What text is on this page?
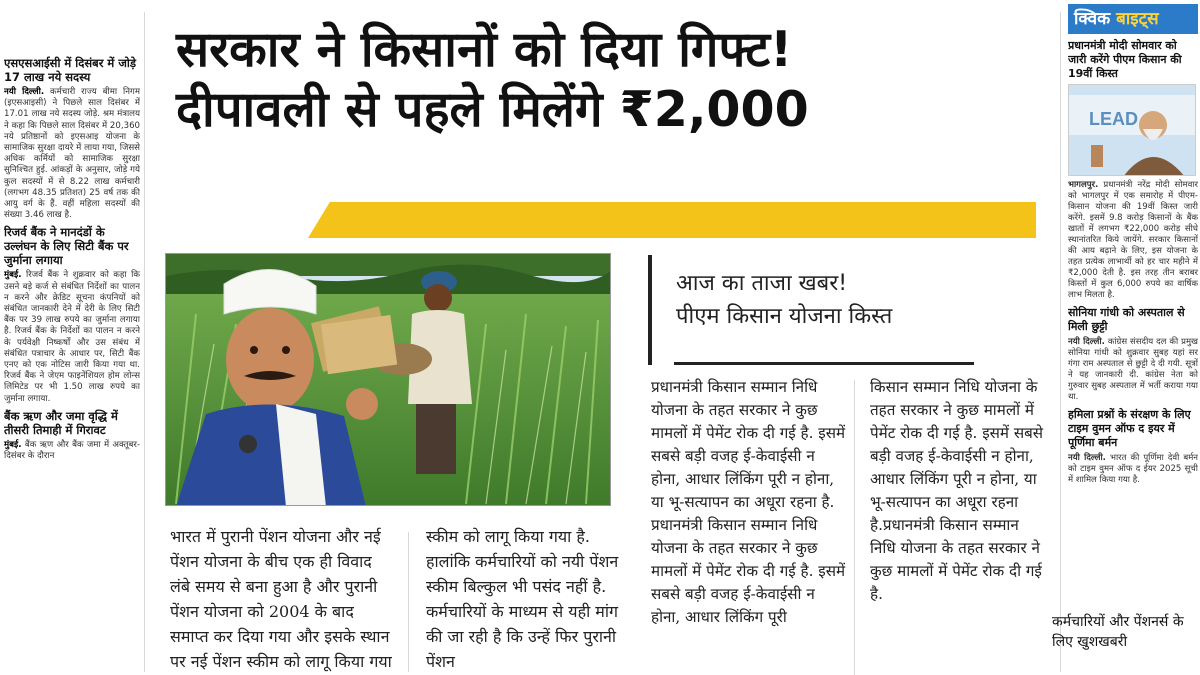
एसएसआईसी में दिसंबर में जोड़े 17 लाख नये सदस्य
नयी दिल्ली. कर्मचारी राज्य बीमा निगम (इएसआइसी) ने पिछले साल दिसंबर में 17.01 लाख नये सदस्य जोड़े. श्रम मंत्रालय ने कहा कि पिछले साल दिसंबर में 20,360 नये प्रतिष्ठानों को इएसआइ योजना के सामाजिक सुरक्षा दायरे में लाया गया, जिससे अधिक कर्मियों को सामाजिक सुरक्षा सुनिश्चित हुई. आंकड़ों के अनुसार, जोड़े गये कुल सदस्यों में से 8.22 लाख कर्मचारी (लगभग 48.35 प्रतिशत) 25 वर्ष तक की आयु वर्ग के हैं. वहीं महिला सदस्यों की संख्या 3.46 लाख है.
रिजर्व बैंक ने मानदंडों के उल्लंघन के लिए सिटी बैंक पर जुर्माना लगाया
मुंबई. रिजर्व बैंक ने शुक्रवार को कहा कि उसने बड़े कर्ज से संबंधित निर्देशों का पालन न करने और क्रेडिट सूचना कंपनियों को संबंधित जानकारी देने में देरी के लिए सिटी बैंक पर 39 लाख रुपये का जुर्माना लगाया है. रिजर्व बैंक के निर्देशों का पालन न करने के पर्यवेक्षी निष्कर्षों और उस संबंध में संबंधित पत्राचार के आधार पर, सिटी बैंक एनए को एक नोटिस जारी किया गया था. रिजर्व बैंक ने जेएम फाइनेंशियल होम लोन्स लिमिटेड पर भी 1.50 लाख रुपये का जुर्माना लगाया.
बैंक ऋण और जमा वृद्धि में तीसरी तिमाही में गिरावट
मुंबई. बैंक ऋण और बैंक जमा में अक्तूबर-दिसंबर के दौरान
सरकार ने किसानों को दिया गिफ्ट!
दीपावली से पहले मिलेंगे ₹2,000
भारत में पुरानी पेंशन योजना और नई पेंशन योजना के बीच एक ही विवाद लंबे समय से बना हुआ है और पुरानी पेंशन योजना को 2004 के बाद समाप्त कर दिया गया और इसके स्थान पर नई पेंशन स्कीम को लागू किया गया
स्कीम को लागू किया गया है. हालांकि कर्मचारियों को नयी पेंशन स्कीम बिल्कुल भी पसंद नहीं है. कर्मचारियों के माध्यम से यही मांग की जा रही है कि उन्हें फिर पुरानी पेंशन
आज का ताजा खबर!
पीएम किसान योजना किस्त
प्रधानमंत्री किसान सम्मान निधि योजना के तहत सरकार ने कुछ मामलों में पेमेंट रोक दी गई है. इसमें सबसे बड़ी वजह ई-केवाईसी न होना, आधार लिंकिंग पूरी न होना, या भू-सत्यापन का अधूरा रहना है. प्रधानमंत्री किसान सम्मान निधि योजना के तहत सरकार ने कुछ मामलों में पेमेंट रोक दी गई है. इसमें सबसे बड़ी वजह ई-केवाईसी न होना, आधार लिंकिंग पूरी
किसान सम्मान निधि योजना के तहत सरकार ने कुछ मामलों में पेमेंट रोक दी गई है. इसमें सबसे बड़ी वजह ई-केवाईसी न होना, आधार लिंकिंग पूरी न होना, या भू-सत्यापन का अधूरा रहना है.प्रधानमंत्री किसान सम्मान निधि योजना के तहत सरकार ने कुछ मामलों में पेमेंट रोक दी गई है.
क्विक बाइट्स
प्रधानमंत्री मोदी सोमवार को जारी करेंगे पीएम किसान की 19वीं किस्त
LEAD
भागलपुर. प्रधानमंत्री नरेंद्र मोदी सोमवार को भागलपुर में एक समारोह में पीएम-किसान योजना की 19वीं किस्त जारी करेंगे. इसमें 9.8 करोड़ किसानों के बैंक खातों में लगभग ₹22,000 करोड़ सीधे स्थानांतरित किये जायेंगे. सरकार किसानों की आय बढ़ाने के लिए, इस योजना के तहत प्रत्येक लाभार्थी को हर चार महीने में ₹2,000 देती है. इस तरह तीन बराबर किस्तों में कुल 6,000 रुपये का वार्षिक लाभ मिलता है.
सोनिया गांधी को अस्पताल से मिली छुट्टी
नयी दिल्ली. कांग्रेस संसदीय दल की प्रमुख सोनिया गांधी को शुक्रवार सुबह यहां सर गंगा राम अस्पताल से छुट्टी दे दी गयी. सूत्रों ने यह जानकारी दी. कांग्रेस नेता को गुरुवार सुबह अस्पताल में भर्ती कराया गया था.
हमिला प्रश्नों के संरक्षण के लिए टाइम वुमन ऑफ द इयर में पूर्णिमा बर्मन
नयी दिल्ली. भारत की पूर्णिमा देवी बर्मन को टाइम वुमन ऑफ द ईयर 2025 सूची में शामिल किया गया है.
कर्मचारियों और पेंशनर्स के लिए खुशखबरी
